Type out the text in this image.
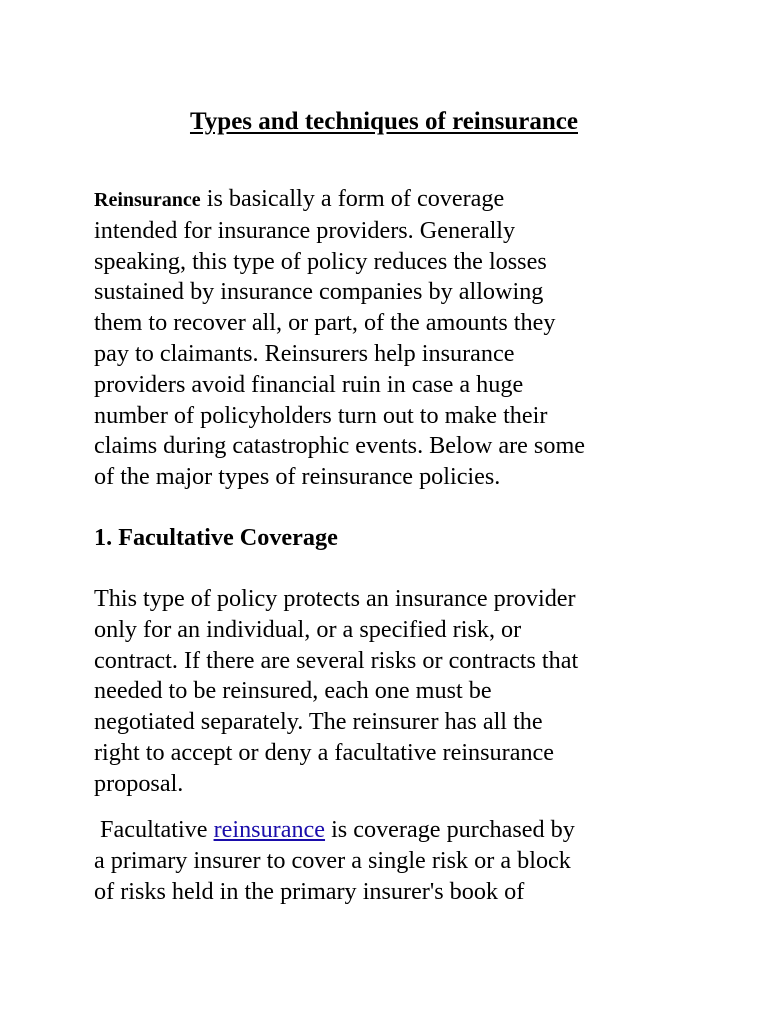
Types and techniques of reinsurance

Reinsurance is basically a form of coverage
intended for insurance providers. Generally
speaking, this type of policy reduces the losses
sustained by insurance companies by allowing
them to recover all, or part, of the amounts they
pay to claimants. Reinsurers help insurance
providers avoid financial ruin in case a huge
number of policyholders turn out to make their
claims during catastrophic events. Below are some
of the major types of reinsurance policies.

1. Facultative Coverage

This type of policy protects an insurance provider
only for an individual, or a specified risk, or
contract. If there are several risks or contracts that
needed to be reinsured, each one must be
negotiated separately. The reinsurer has all the
right to accept or deny a facultative reinsurance
proposal.

Facultative reinsurance is coverage purchased by
a primary insurer to cover a single risk or a block
of risks held in the primary insurer's book of
